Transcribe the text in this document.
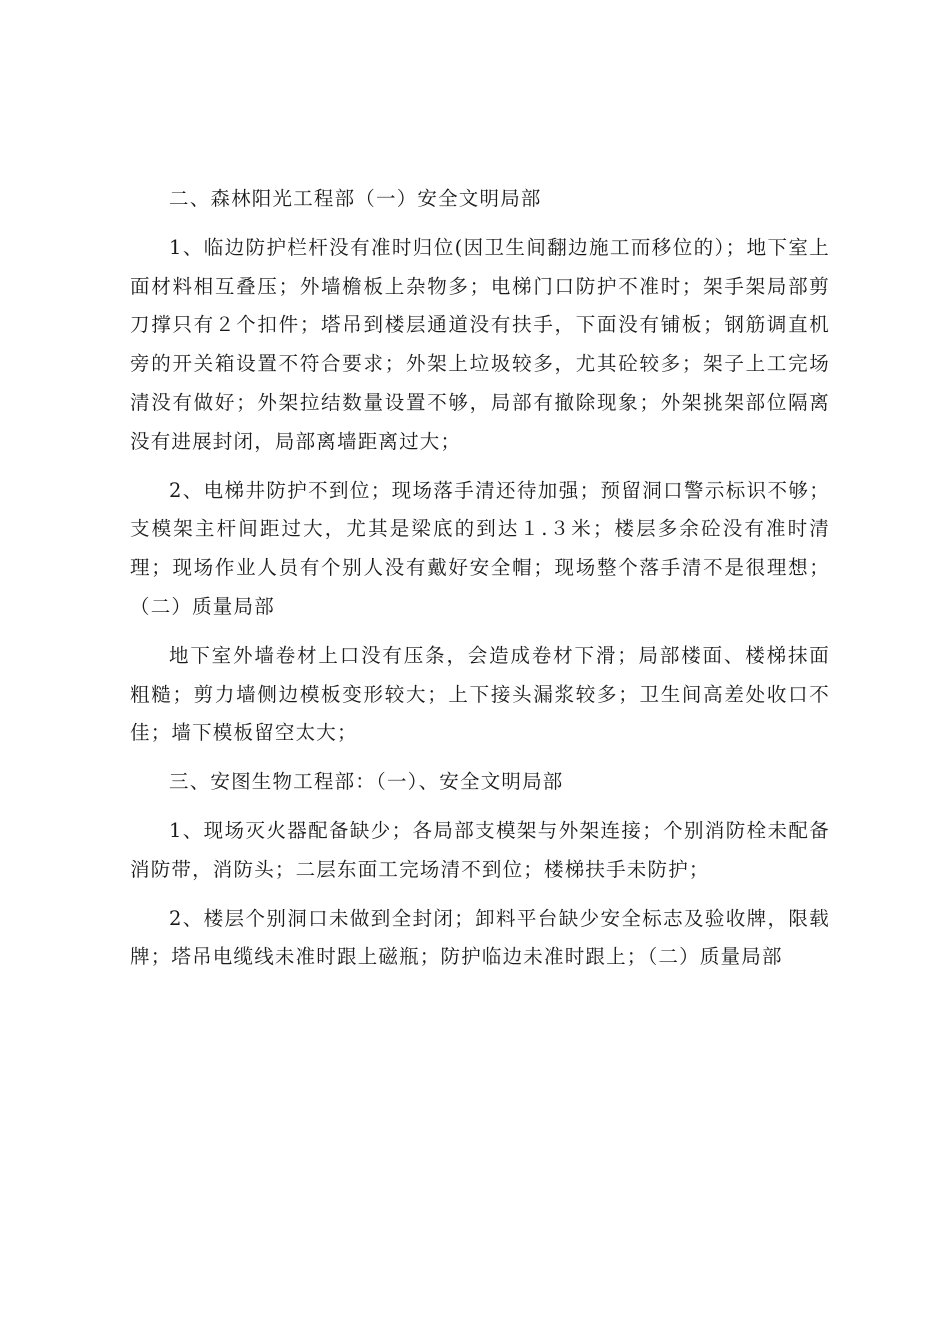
二、森林阳光工程部（一）安全文明局部

1、临边防护栏杆没有准时归位(因卫生间翻边施工而移位的）；地下室上面材料相互叠压；外墙檐板上杂物多；电梯门口防护不准时；架手架局部剪刀撑只有２个扣件；塔吊到楼层通道没有扶手，下面没有铺板；钢筋调直机旁的开关箱设置不符合要求；外架上垃圾较多，尤其砼较多；架子上工完场清没有做好；外架拉结数量设置不够，局部有撤除现象；外架挑架部位隔离没有进展封闭，局部离墙距离过大；

2、电梯井防护不到位；现场落手清还待加强；预留洞口警示标识不够；支模架主杆间距过大，尤其是梁底的到达１.３米；楼层多余砼没有准时清理；现场作业人员有个别人没有戴好安全帽；现场整个落手清不是很理想；（二）质量局部

地下室外墙卷材上口没有压条，会造成卷材下滑；局部楼面、楼梯抹面粗糙；剪力墙侧边模板变形较大；上下接头漏浆较多；卫生间高差处收口不佳；墙下模板留空太大；

三、安图生物工程部：（一）、安全文明局部

1、现场灭火器配备缺少；各局部支模架与外架连接；个别消防栓未配备消防带，消防头；二层东面工完场清不到位；楼梯扶手未防护；

2、楼层个别洞口未做到全封闭；卸料平台缺少安全标志及验收牌，限载牌；塔吊电缆线未准时跟上磁瓶；防护临边未准时跟上；（二）质量局部
